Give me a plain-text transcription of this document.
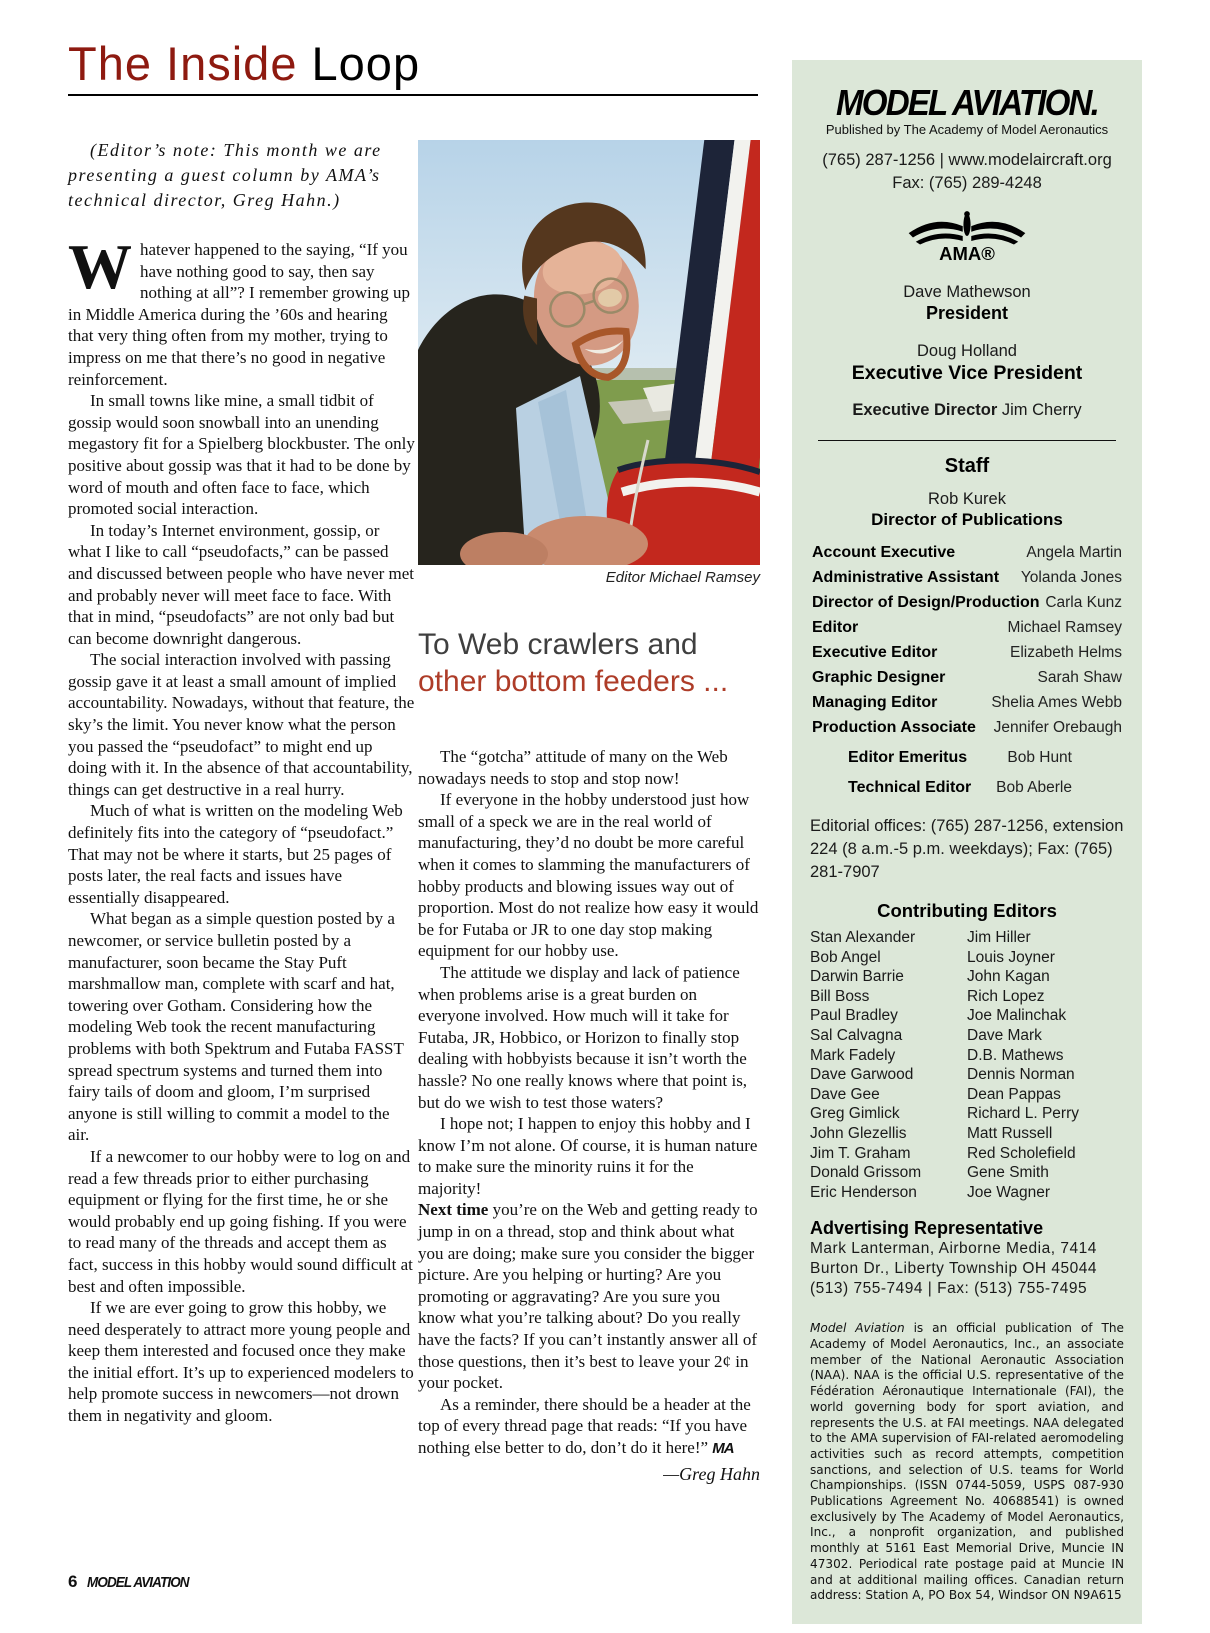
The Inside Loop

(Editor’s note: This month we are presenting a guest column by AMA’s technical director, Greg Hahn.)

Whatever happened to the saying, “If you have nothing good to say, then say nothing at all”? I remember growing up in Middle America during the ’60s and hearing that very thing often from my mother, trying to impress on me that there’s no good in negative reinforcement.

In small towns like mine, a small tidbit of gossip would soon snowball into an unending megastory fit for a Spielberg blockbuster. The only positive about gossip was that it had to be done by word of mouth and often face to face, which promoted social interaction.

In today’s Internet environment, gossip, or what I like to call “pseudofacts,” can be passed and discussed between people who have never met and probably never will meet face to face. With that in mind, “pseudofacts” are not only bad but can become downright dangerous.

The social interaction involved with passing gossip gave it at least a small amount of implied accountability. Nowadays, without that feature, the sky’s the limit. You never know what the person you passed the “pseudofact” to might end up doing with it. In the absence of that accountability, things can get destructive in a real hurry.

Much of what is written on the modeling Web definitely fits into the category of “pseudofact.” That may not be where it starts, but 25 pages of posts later, the real facts and issues have essentially disappeared.

What began as a simple question posted by a newcomer, or service bulletin posted by a manufacturer, soon became the Stay Puft marshmallow man, complete with scarf and hat, towering over Gotham. Considering how the modeling Web took the recent manufacturing problems with both Spektrum and Futaba FASST spread spectrum systems and turned them into fairy tails of doom and gloom, I’m surprised anyone is still willing to commit a model to the air.

If a newcomer to our hobby were to log on and read a few threads prior to either purchasing equipment or flying for the first time, he or she would probably end up going fishing. If you were to read many of the threads and accept them as fact, success in this hobby would sound difficult at best and often impossible.

If we are ever going to grow this hobby, we need desperately to attract more young people and keep them interested and focused once they make the initial effort. It’s up to experienced modelers to help promote success in newcomers—not drown them in negativity and gloom.

Editor Michael Ramsey

To Web crawlers and
other bottom feeders ...

The “gotcha” attitude of many on the Web nowadays needs to stop and stop now!

If everyone in the hobby understood just how small of a speck we are in the real world of manufacturing, they’d no doubt be more careful when it comes to slamming the manufacturers of hobby products and blowing issues way out of proportion. Most do not realize how easy it would be for Futaba or JR to one day stop making equipment for our hobby use.

The attitude we display and lack of patience when problems arise is a great burden on everyone involved. How much will it take for Futaba, JR, Hobbico, or Horizon to finally stop dealing with hobbyists because it isn’t worth the hassle? No one really knows where that point is, but do we wish to test those waters?

I hope not; I happen to enjoy this hobby and I know I’m not alone. Of course, it is human nature to make sure the minority ruins it for the majority!

Next time you’re on the Web and getting ready to jump in on a thread, stop and think about what you are doing; make sure you consider the bigger picture. Are you helping or hurting? Are you promoting or aggravating? Are you sure you know what you’re talking about? Do you really have the facts? If you can’t instantly answer all of those questions, then it’s best to leave your 2¢ in your pocket.

As a reminder, there should be a header at the top of every thread page that reads: “If you have nothing else better to do, don’t do it here!” MA

—Greg Hahn

MODEL AVIATION.
Published by The Academy of Model Aeronautics
(765) 287-1256 | www.modelaircraft.org
Fax: (765) 289-4248
AMA®
Dave Mathewson
President
Doug Holland
Executive Vice President
Executive Director Jim Cherry
Staff
Rob Kurek
Director of Publications
Account Executive	Angela Martin
Administrative Assistant Yolanda Jones
Director of Design/Production Carla Kunz
Editor	Michael Ramsey
Executive Editor	Elizabeth Helms
Graphic Designer	Sarah Shaw
Managing Editor	Shelia Ames Webb
Production Associate Jennifer Orebaugh
Editor Emeritus	Bob Hunt
Technical Editor Bob Aberle
Editorial offices: (765) 287-1256, extension 224 (8 a.m.-5 p.m. weekdays); Fax: (765) 281-7907
Contributing Editors
Stan Alexander
Bob Angel
Darwin Barrie
Bill Boss
Paul Bradley
Sal Calvagna
Mark Fadely
Dave Garwood
Dave Gee
Greg Gimlick
John Glezellis
Jim T. Graham
Donald Grissom
Eric Henderson
Jim Hiller
Louis Joyner
John Kagan
Rich Lopez
Joe Malinchak
Dave Mark
D.B. Mathews
Dennis Norman
Dean Pappas
Richard L. Perry
Matt Russell
Red Scholefield
Gene Smith
Joe Wagner
Advertising Representative
Mark Lanterman, Airborne Media, 7414 Burton Dr., Liberty Township OH 45044
(513) 755-7494 | Fax: (513) 755-7495
Model Aviation is an official publication of The Academy of Model Aeronautics, Inc., an associate member of the National Aeronautic Association (NAA). NAA is the official U.S. representative of the Fédération Aéronautique Internationale (FAI), the world governing body for sport aviation, and represents the U.S. at FAI meetings. NAA delegated to the AMA supervision of FAI-related aeromodeling activities such as record attempts, competition sanctions, and selection of U.S. teams for World Championships. (ISSN 0744-5059, USPS 087-930 Publications Agreement No. 40688541) is owned exclusively by The Academy of Model Aeronautics, Inc., a nonprofit organization, and published monthly at 5161 East Memorial Drive, Muncie IN 47302. Periodical rate postage paid at Muncie IN and at additional mailing offices. Canadian return address: Station A, PO Box 54, Windsor ON N9A615
6 MODEL AVIATION
